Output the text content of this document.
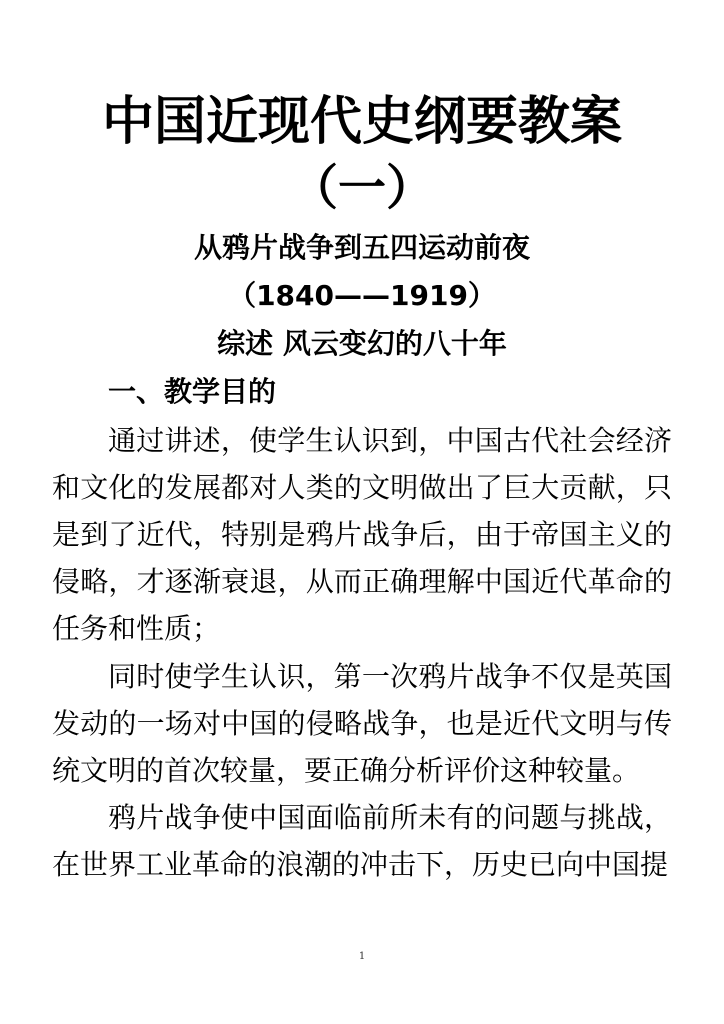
中国近现代史纲要教案
（一）
从鸦片战争到五四运动前夜
（1840——1919）
综述 风云变幻的八十年
一、教学目的

通过讲述，使学生认识到，中国古代社会经济和文化的发展都对人类的文明做出了巨大贡献，只是到了近代，特别是鸦片战争后，由于帝国主义的侵略，才逐渐衰退，从而正确理解中国近代革命的任务和性质；

同时使学生认识，第一次鸦片战争不仅是英国发动的一场对中国的侵略战争，也是近代文明与传统文明的首次较量，要正确分析评价这种较量。

鸦片战争使中国面临前所未有的问题与挑战，在世界工业革命的浪潮的冲击下，历史已向中国提

1
